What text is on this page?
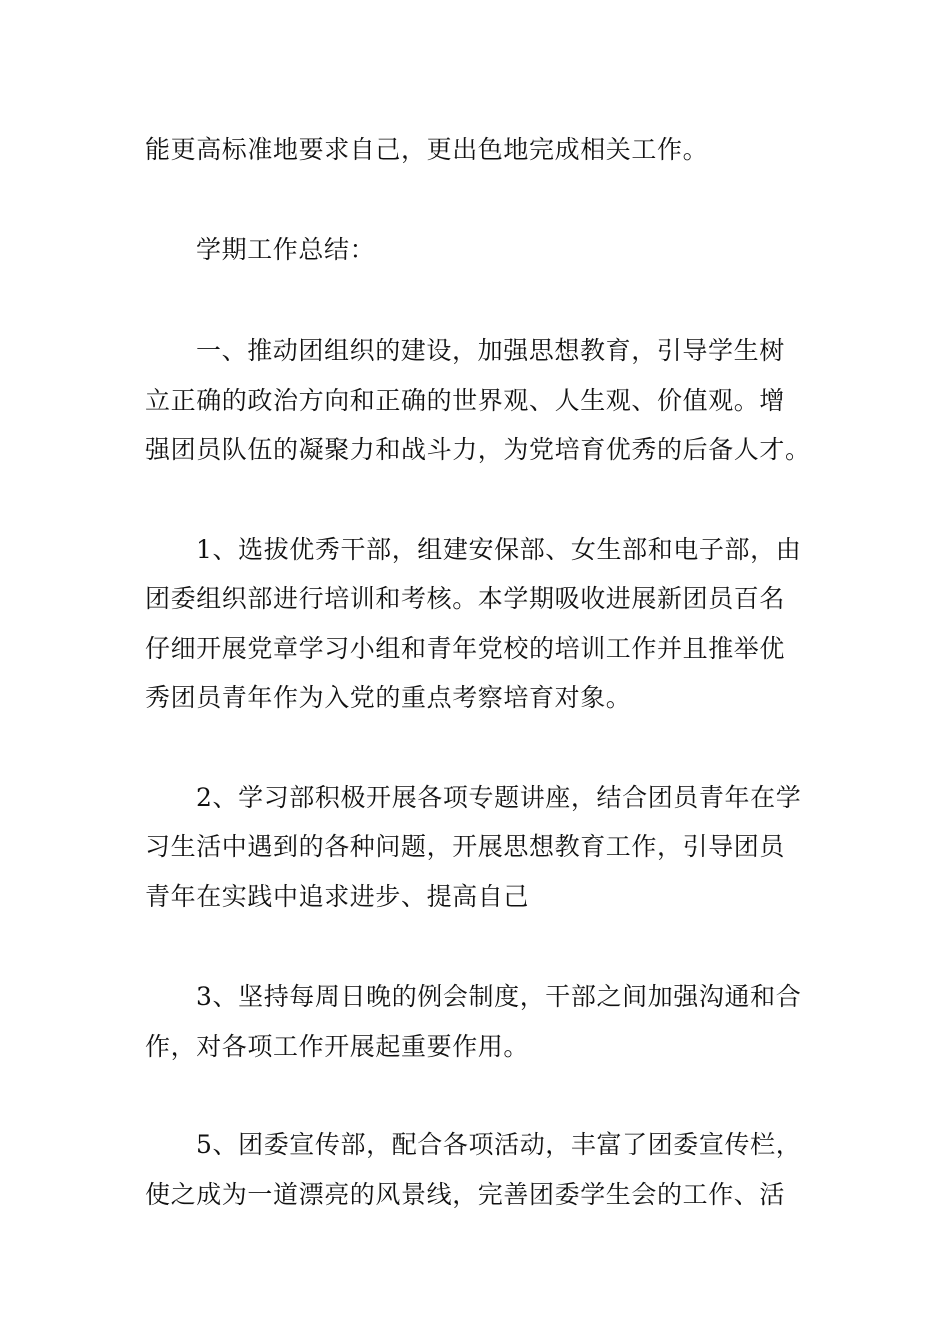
能更高标准地要求自己，更出色地完成相关工作。

学期工作总结：

一、推动团组织的建设，加强思想教育，引导学生树

立正确的政治方向和正确的世界观、人生观、价值观。增

强团员队伍的凝聚力和战斗力，为党培育优秀的后备人才。

1、选拔优秀干部，组建安保部、女生部和电子部，由

团委组织部进行培训和考核。本学期吸收进展新团员百名

仔细开展党章学习小组和青年党校的培训工作并且推举优

秀团员青年作为入党的重点考察培育对象。

2、学习部积极开展各项专题讲座，结合团员青年在学

习生活中遇到的各种问题，开展思想教育工作，引导团员

青年在实践中追求进步、提高自己

3、坚持每周日晚的例会制度，干部之间加强沟通和合

作，对各项工作开展起重要作用。

5、团委宣传部，配合各项活动，丰富了团委宣传栏，

使之成为一道漂亮的风景线，完善团委学生会的工作、活
